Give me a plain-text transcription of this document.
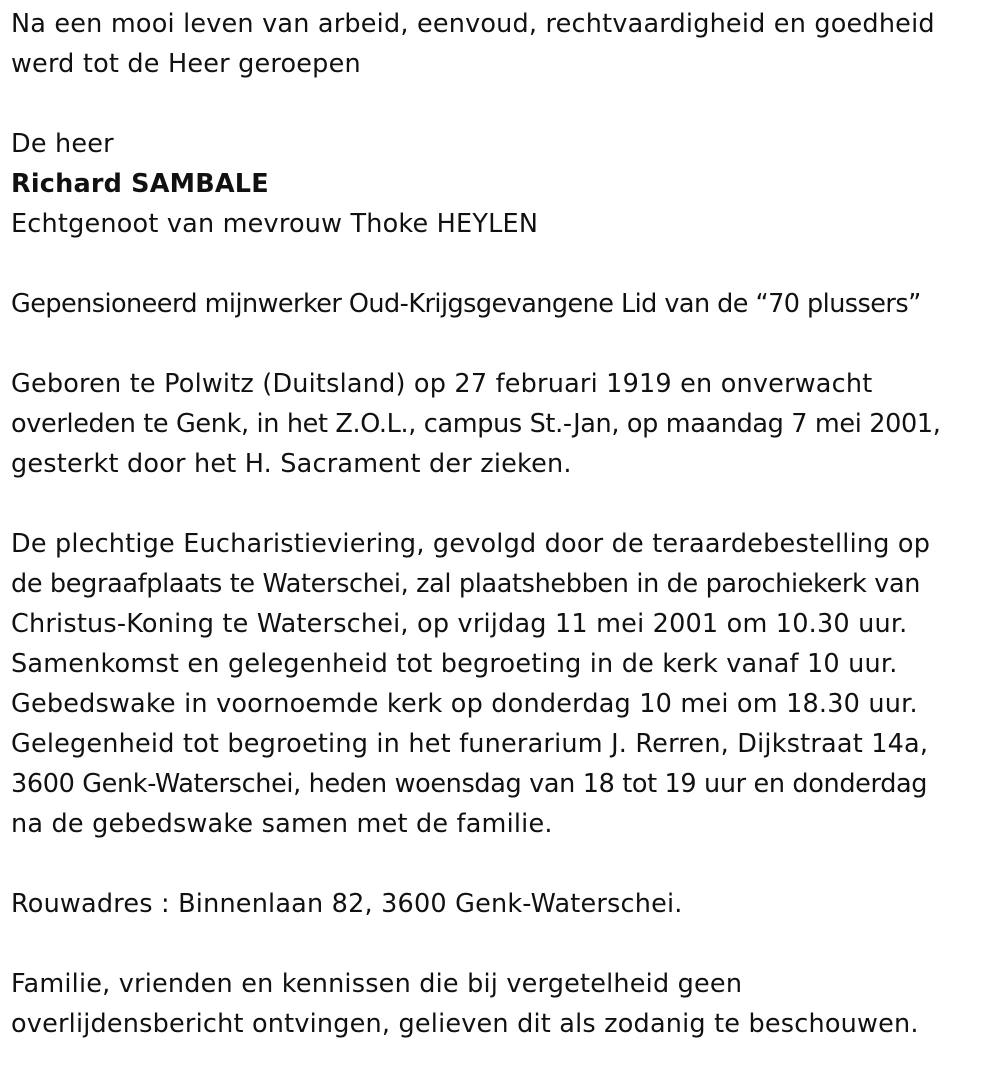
Na een mooi leven van arbeid, eenvoud, rechtvaardigheid en goedheid
werd tot de Heer geroepen
De heer
Richard SAMBALE
Echtgenoot van mevrouw Thoke HEYLEN
Gepensioneerd mijnwerker Oud-Krijgsgevangene Lid van de “70 plussers”
Geboren te Polwitz (Duitsland) op 27 februari 1919 en onverwacht
overleden te Genk, in het Z.O.L., campus St.-Jan, op maandag 7 mei 2001,
gesterkt door het H. Sacrament der zieken.
De plechtige Eucharistieviering, gevolgd door de teraardebestelling op
de begraafplaats te Waterschei, zal plaatshebben in de parochiekerk van
Christus-Koning te Waterschei, op vrijdag 11 mei 2001 om 10.30 uur.
Samenkomst en gelegenheid tot begroeting in de kerk vanaf 10 uur.
Gebedswake in voornoemde kerk op donderdag 10 mei om 18.30 uur.
Gelegenheid tot begroeting in het funerarium J. Rerren, Dijkstraat 14a,
3600 Genk-Waterschei, heden woensdag van 18 tot 19 uur en donderdag
na de gebedswake samen met de familie.
Rouwadres : Binnenlaan 82, 3600 Genk-Waterschei.
Familie, vrienden en kennissen die bij vergetelheid geen
overlijdensbericht ontvingen, gelieven dit als zodanig te beschouwen.
